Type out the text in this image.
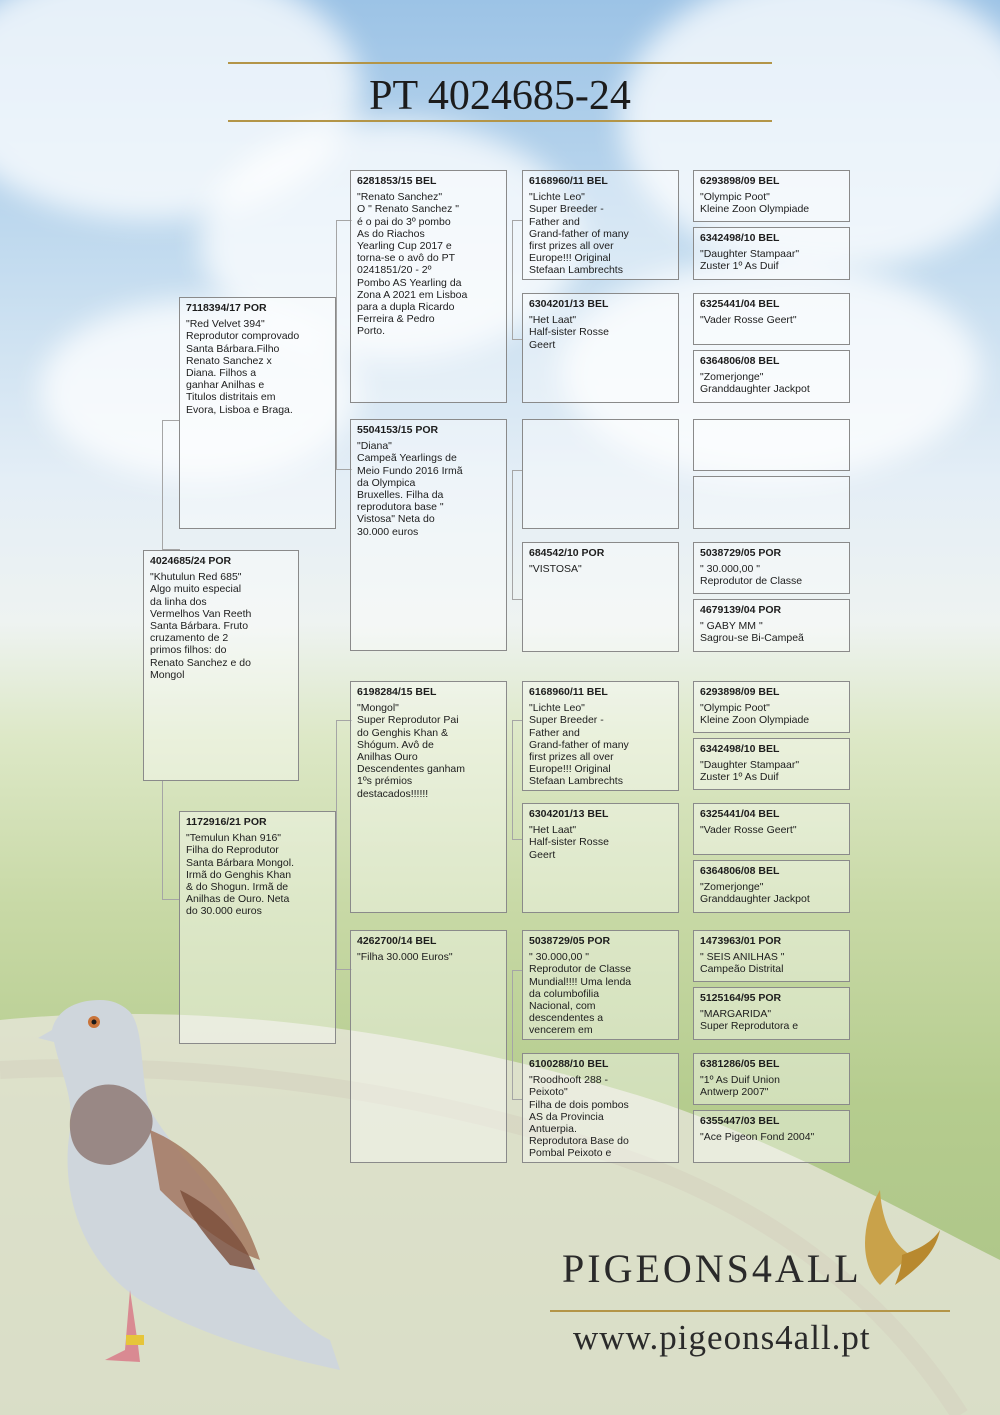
PT 4024685-24
4024685/24 POR
"Khutulun Red 685"
Algo muito especial
da linha dos
Vermelhos Van Reeth
Santa Bárbara. Fruto
cruzamento de 2
primos filhos: do
Renato Sanchez e do
Mongol
7118394/17 POR
"Red Velvet 394"
Reprodutor comprovado
Santa Bárbara.Filho
Renato Sanchez x
Diana. Filhos a
ganhar Anilhas e
Titulos distritais em
Evora, Lisboa e Braga.
1172916/21 POR
"Temulun Khan 916"
Filha do Reprodutor
Santa Bárbara Mongol.
Irmã do Genghis Khan
& do Shogun. Irmã de
Anilhas de Ouro. Neta
do 30.000 euros
6281853/15 BEL
"Renato Sanchez"
O " Renato Sanchez "
é o pai do 3º pombo
As do Riachos
Yearling Cup 2017 e
torna-se o avô do PT
0241851/20 - 2º
Pombo AS Yearling da
Zona A 2021 em Lisboa
para a dupla Ricardo
Ferreira & Pedro
Porto.
5504153/15 POR
"Diana"
Campeã Yearlings de
Meio Fundo 2016 Irmã
da Olympica
Bruxelles. Filha da
reprodutora base "
Vistosa" Neta do
30.000 euros
6198284/15 BEL
"Mongol"
Super Reprodutor Pai
do Genghis Khan &
Shógum. Avô de
Anilhas Ouro
Descendentes ganham
1ºs prémios
destacados!!!!!!
4262700/14 BEL
"Filha 30.000 Euros"
6168960/11 BEL
"Lichte Leo"
Super Breeder -
Father and
Grand-father of many
first prizes all over
Europe!!! Original
Stefaan Lambrechts
6304201/13 BEL
"Het Laat"
Half-sister Rosse
Geert
684542/10 POR
"VISTOSA"
6168960/11 BEL
"Lichte Leo"
Super Breeder -
Father and
Grand-father of many
first prizes all over
Europe!!! Original
Stefaan Lambrechts
6304201/13 BEL
"Het Laat"
Half-sister Rosse
Geert
5038729/05 POR
" 30.000,00 "
Reprodutor de Classe
Mundial!!!! Uma lenda
da columbofilia
Nacional, com
descendentes a
vencerem em
6100288/10 BEL
"Roodhooft 288 -
Peixoto"
Filha de dois pombos
AS da Provincia
Antuerpia.
Reprodutora Base do
Pombal Peixoto e
6293898/09 BEL
"Olympic Poot"
Kleine Zoon Olympiade
6342498/10 BEL
"Daughter Stampaar"
Zuster 1º As Duif
6325441/04 BEL
"Vader Rosse Geert"
6364806/08 BEL
"Zomerjonge"
Granddaughter Jackpot
5038729/05 POR
" 30.000,00 "
Reprodutor de Classe
4679139/04 POR
" GABY MM "
Sagrou-se Bi-Campeã
6293898/09 BEL
"Olympic Poot"
Kleine Zoon Olympiade
6342498/10 BEL
"Daughter Stampaar"
Zuster 1º As Duif
6325441/04 BEL
"Vader Rosse Geert"
6364806/08 BEL
"Zomerjonge"
Granddaughter Jackpot
1473963/01 POR
" SEIS ANILHAS "
Campeão Distrital
5125164/95 POR
"MARGARIDA"
Super Reprodutora e
6381286/05 BEL
"1º As Duif Union
Antwerp 2007"
6355447/03 BEL
"Ace Pigeon Fond 2004"
PIGEONS4ALL
www.pigeons4all.pt
